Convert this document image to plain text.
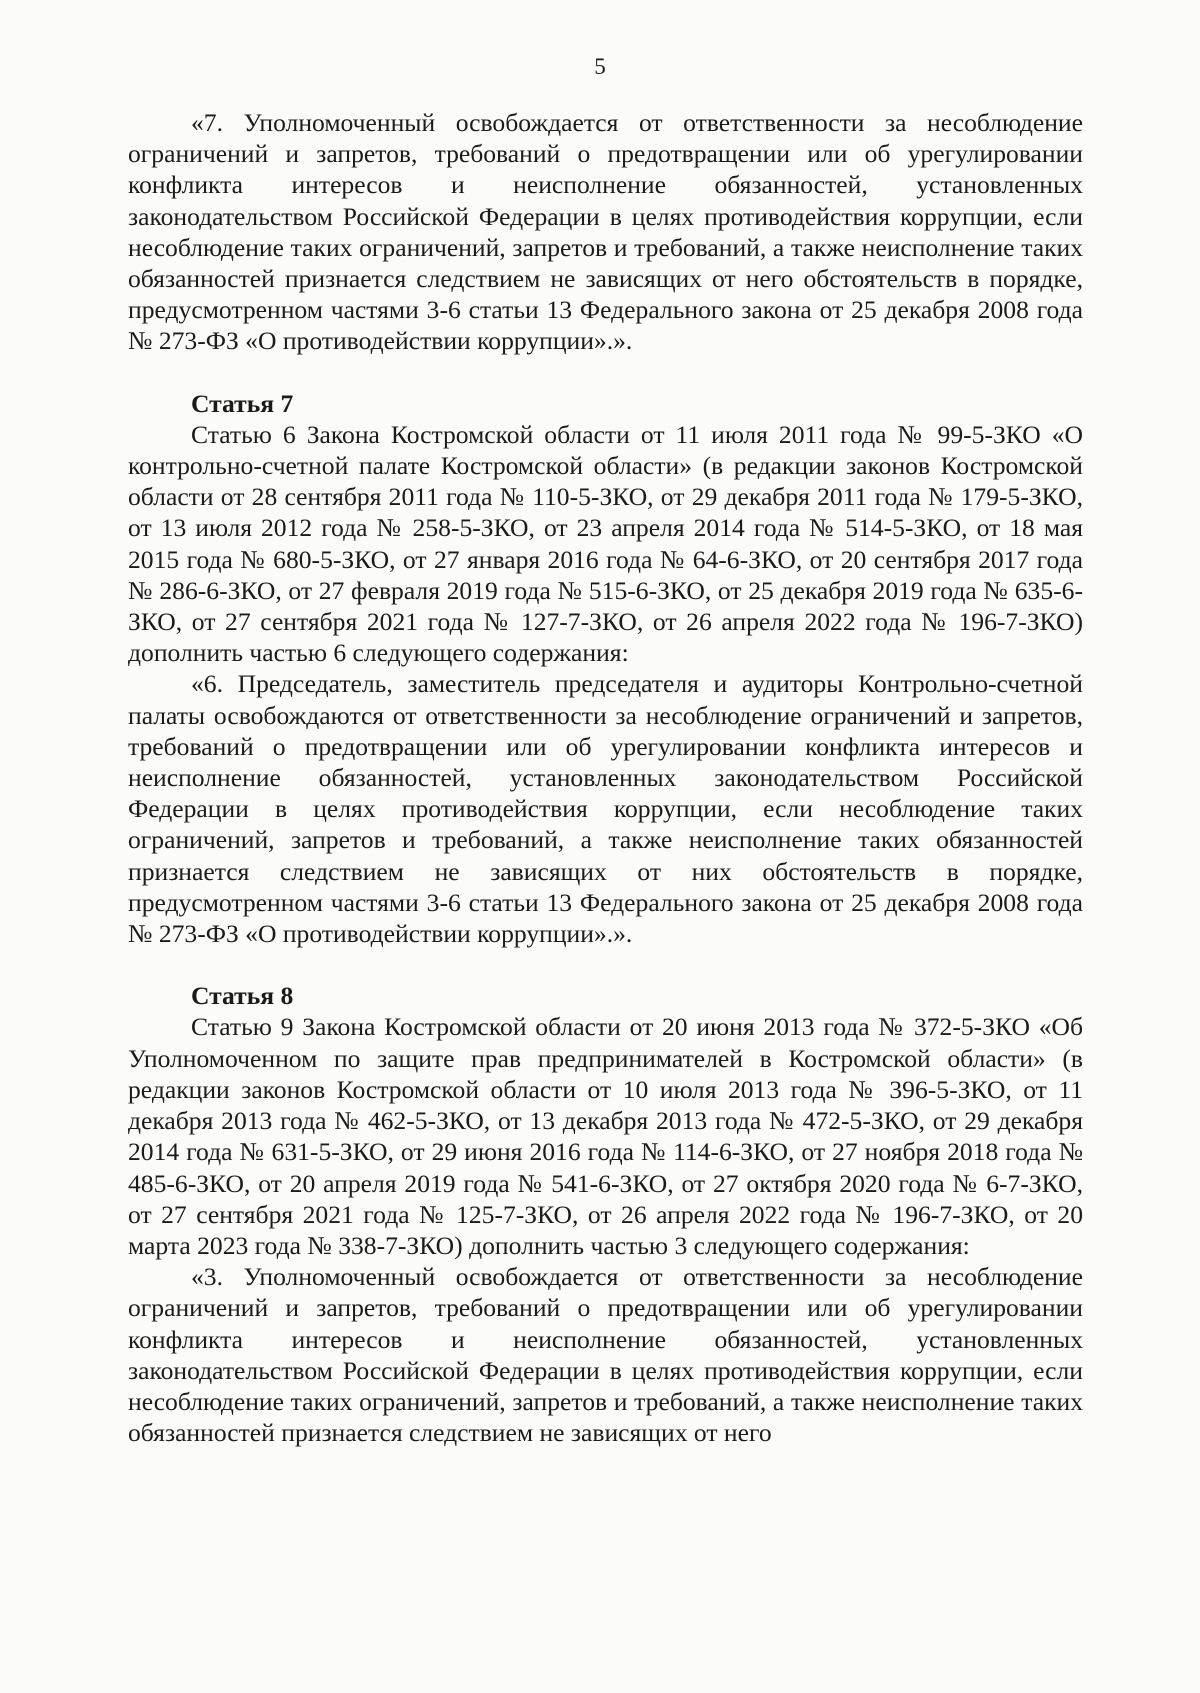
5

«7. Уполномоченный освобождается от ответственности за несоблюдение ограничений и запретов, требований о предотвращении или об урегулировании конфликта интересов и неисполнение обязанностей, установленных законодательством Российской Федерации в целях противодействия коррупции, если несоблюдение таких ограничений, запретов и требований, а также неисполнение таких обязанностей признается следствием не зависящих от него обстоятельств в порядке, предусмотренном частями 3-6 статьи 13 Федерального закона от 25 декабря 2008 года № 273-ФЗ «О противодействии коррупции».».

Статья 7

Статью 6 Закона Костромской области от 11 июля 2011 года № 99-5-ЗКО «О контрольно-счетной палате Костромской области» (в редакции законов Костромской области от 28 сентября 2011 года № 110-5-ЗКО, от 29 декабря 2011 года № 179-5-ЗКО, от 13 июля 2012 года № 258-5-ЗКО, от 23 апреля 2014 года № 514-5-ЗКО, от 18 мая 2015 года № 680-5-ЗКО, от 27 января 2016 года № 64-6-ЗКО, от 20 сентября 2017 года № 286-6-ЗКО, от 27 февраля 2019 года № 515-6-ЗКО, от 25 декабря 2019 года № 635-6-ЗКО, от 27 сентября 2021 года № 127-7-ЗКО, от 26 апреля 2022 года № 196-7-ЗКО) дополнить частью 6 следующего содержания:

«6. Председатель, заместитель председателя и аудиторы Контрольно-счетной палаты освобождаются от ответственности за несоблюдение ограничений и запретов, требований о предотвращении или об урегулировании конфликта интересов и неисполнение обязанностей, установленных законодательством Российской Федерации в целях противодействия коррупции, если несоблюдение таких ограничений, запретов и требований, а также неисполнение таких обязанностей признается следствием не зависящих от них обстоятельств в порядке, предусмотренном частями 3-6 статьи 13 Федерального закона от 25 декабря 2008 года № 273-ФЗ «О противодействии коррупции».».

Статья 8

Статью 9 Закона Костромской области от 20 июня 2013 года № 372-5-ЗКО «Об Уполномоченном по защите прав предпринимателей в Костромской области» (в редакции законов Костромской области от 10 июля 2013 года № 396-5-ЗКО, от 11 декабря 2013 года № 462-5-ЗКО, от 13 декабря 2013 года № 472-5-ЗКО, от 29 декабря 2014 года № 631-5-ЗКО, от 29 июня 2016 года № 114-6-ЗКО, от 27 ноября 2018 года № 485-6-ЗКО, от 20 апреля 2019 года № 541-6-ЗКО, от 27 октября 2020 года № 6-7-ЗКО, от 27 сентября 2021 года № 125-7-ЗКО, от 26 апреля 2022 года № 196-7-ЗКО, от 20 марта 2023 года № 338-7-ЗКО) дополнить частью 3 следующего содержания:

«3. Уполномоченный освобождается от ответственности за несоблюдение ограничений и запретов, требований о предотвращении или об урегулировании конфликта интересов и неисполнение обязанностей, установленных законодательством Российской Федерации в целях противодействия коррупции, если несоблюдение таких ограничений, запретов и требований, а также неисполнение таких обязанностей признается следствием не зависящих от него
